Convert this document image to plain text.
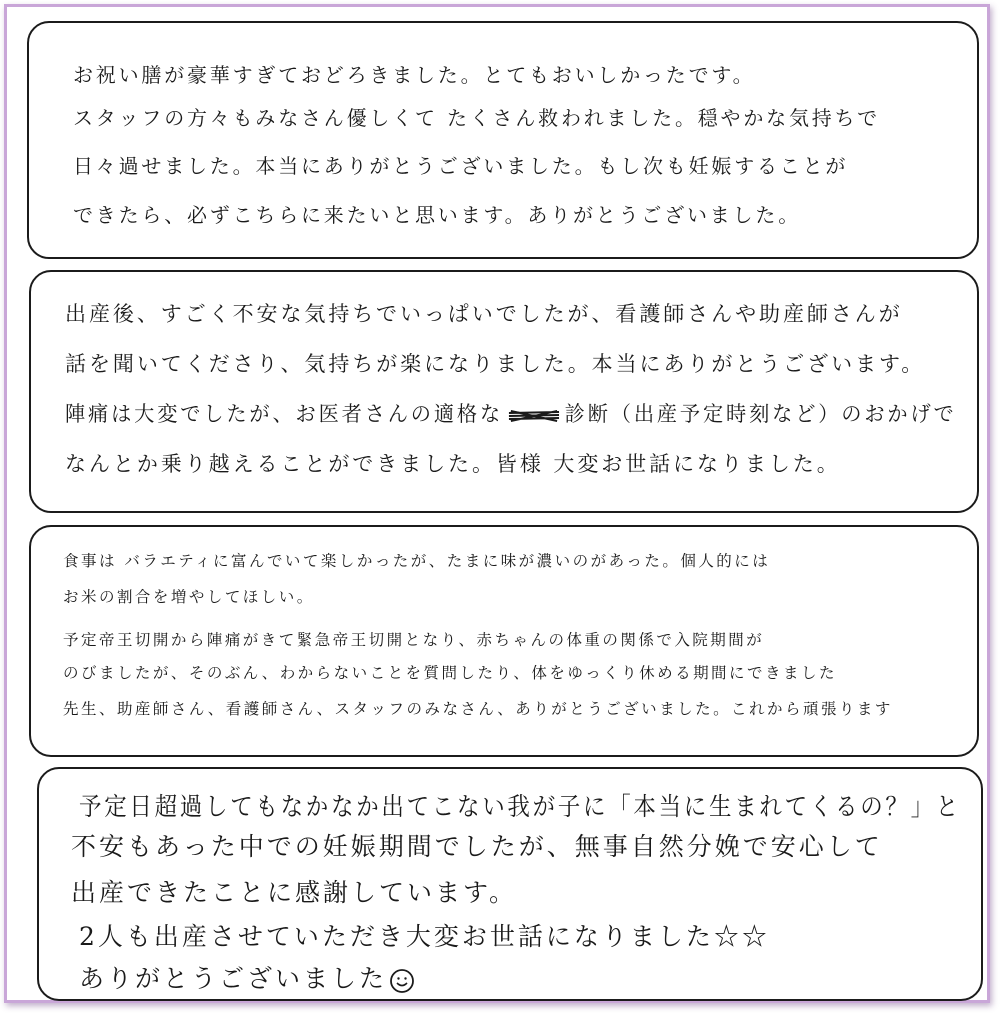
お祝い膳が豪華すぎておどろきました。とてもおいしかったです。
スタッフの方々もみなさん優しくて たくさん救われました。穏やかな気持ちで
日々過せました。本当にありがとうございました。もし次も妊娠することが
できたら、必ずこちらに来たいと思います。ありがとうございました。
出産後、すごく不安な気持ちでいっぱいでしたが、看護師さんや助産師さんが
話を聞いてくださり、気持ちが楽になりました。本当にありがとうございます。
陣痛は大変でしたが、お医者さんの適格な	診断（出産予定時刻など）のおかげで
なんとか乗り越えることができました。皆様 大変お世話になりました。
食事は バラエティに富んでいて楽しかったが、たまに味が濃いのがあった。個人的には
お米の割合を増やしてほしい。
予定帝王切開から陣痛がきて緊急帝王切開となり、赤ちゃんの体重の関係で入院期間が
のびましたが、そのぶん、わからないことを質問したり、体をゆっくり休める期間にできました
先生、助産師さん、看護師さん、スタッフのみなさん、ありがとうございました。これから頑張ります
予定日超過してもなかなか出てこない我が子に「本当に生まれてくるの？」と
不安もあった中での妊娠期間でしたが、無事自然分娩で安心して
出産できたことに感謝しています。
2人も出産させていただき大変お世話になりました☆☆
ありがとうございました
